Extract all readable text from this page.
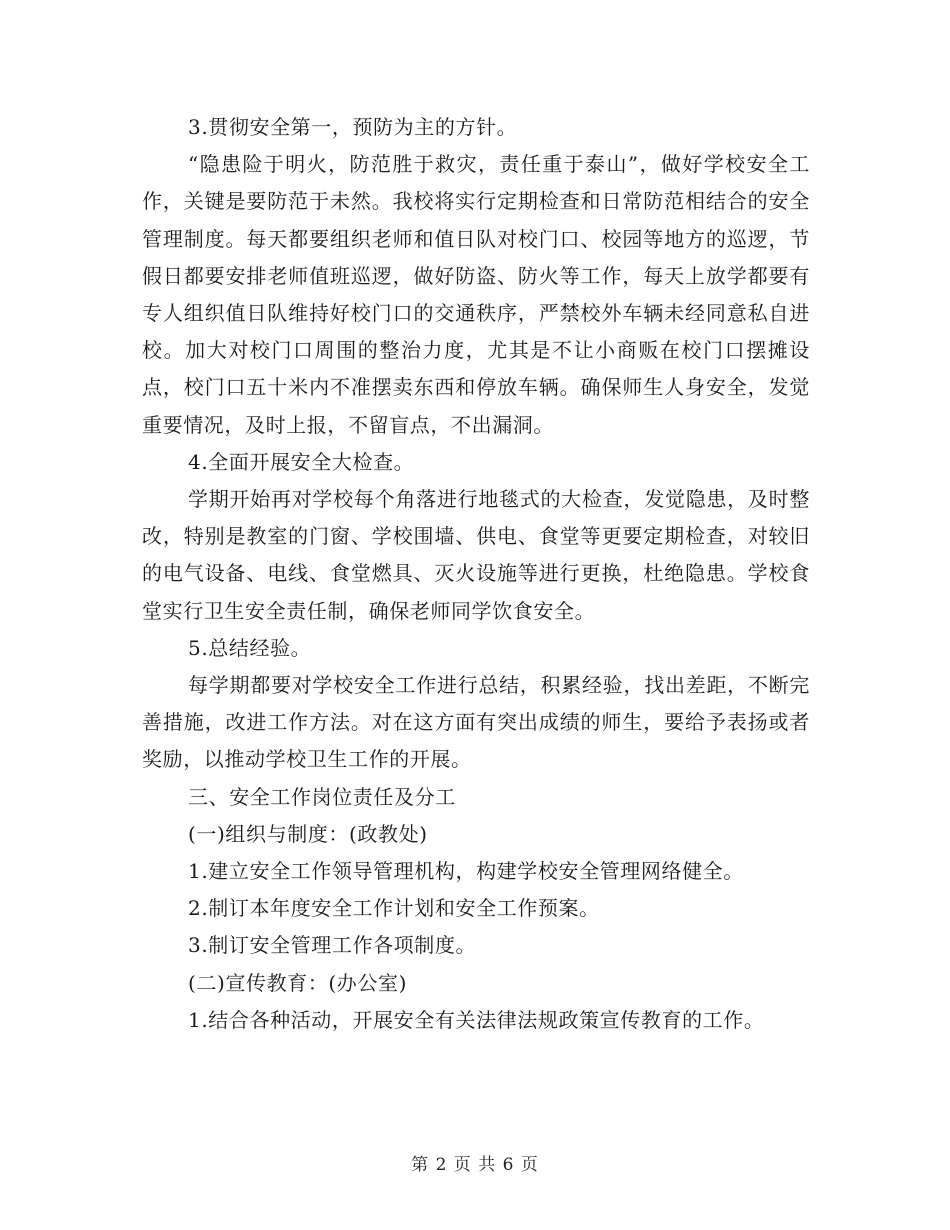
3.贯彻安全第一，预防为主的方针。

“隐患险于明火，防范胜于救灾，责任重于泰山”，做好学校安全工作，关键是要防范于未然。我校将实行定期检查和日常防范相结合的安全管理制度。每天都要组织老师和值日队对校门口、校园等地方的巡逻，节假日都要安排老师值班巡逻，做好防盗、防火等工作，每天上放学都要有专人组织值日队维持好校门口的交通秩序，严禁校外车辆未经同意私自进校。加大对校门口周围的整治力度，尤其是不让小商贩在校门口摆摊设点，校门口五十米内不准摆卖东西和停放车辆。确保师生人身安全，发觉重要情况，及时上报，不留盲点，不出漏洞。

4.全面开展安全大检查。

学期开始再对学校每个角落进行地毯式的大检查，发觉隐患，及时整改，特别是教室的门窗、学校围墙、供电、食堂等更要定期检查，对较旧的电气设备、电线、食堂燃具、灭火设施等进行更换，杜绝隐患。学校食堂实行卫生安全责任制，确保老师同学饮食安全。

5.总结经验。

每学期都要对学校安全工作进行总结，积累经验，找出差距，不断完善措施，改进工作方法。对在这方面有突出成绩的师生，要给予表扬或者奖励，以推动学校卫生工作的开展。

三、安全工作岗位责任及分工

(一)组织与制度：(政教处)

1.建立安全工作领导管理机构，构建学校安全管理网络健全。

2.制订本年度安全工作计划和安全工作预案。

3.制订安全管理工作各项制度。

(二)宣传教育：(办公室)

1.结合各种活动，开展安全有关法律法规政策宣传教育的工作。

第 2 页 共 6 页
